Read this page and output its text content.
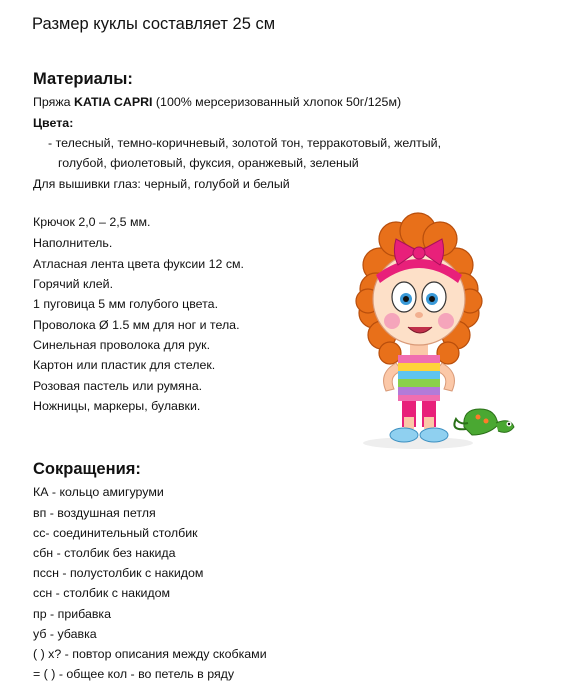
Размер куклы составляет 25 см
Материалы:
Пряжа KATIA CAPRI (100% мерсеризованный хлопок 50г/125м)
Цвета:
- телесный, темно-коричневый, золотой тон, терракотовый, желтый,
голубой, фиолетовый, фуксия, оранжевый, зеленый
Для вышивки глаз: черный, голубой и белый
Крючок 2,0 – 2,5 мм.
Наполнитель.
Атласная лента цвета фуксии 12 см.
Горячий клей.
1 пуговица 5 мм голубого цвета.
Проволока Ø 1.5 мм для ног и тела.
Синельная проволока для рук.
Картон или пластик для стелек.
Розовая пастель или румяна.
Ножницы, маркеры, булавки.
Сокращения:
КА - кольцо амигуруми
вп - воздушная петля
сс- соединительный столбик
сбн - столбик без накида
пссн - полустолбик с накидом
ссн - столбик с накидом
пр - прибавка
уб - убавка
( ) x? - повтор описания между скобками
= ( ) - общее кол - во петель в ряду
